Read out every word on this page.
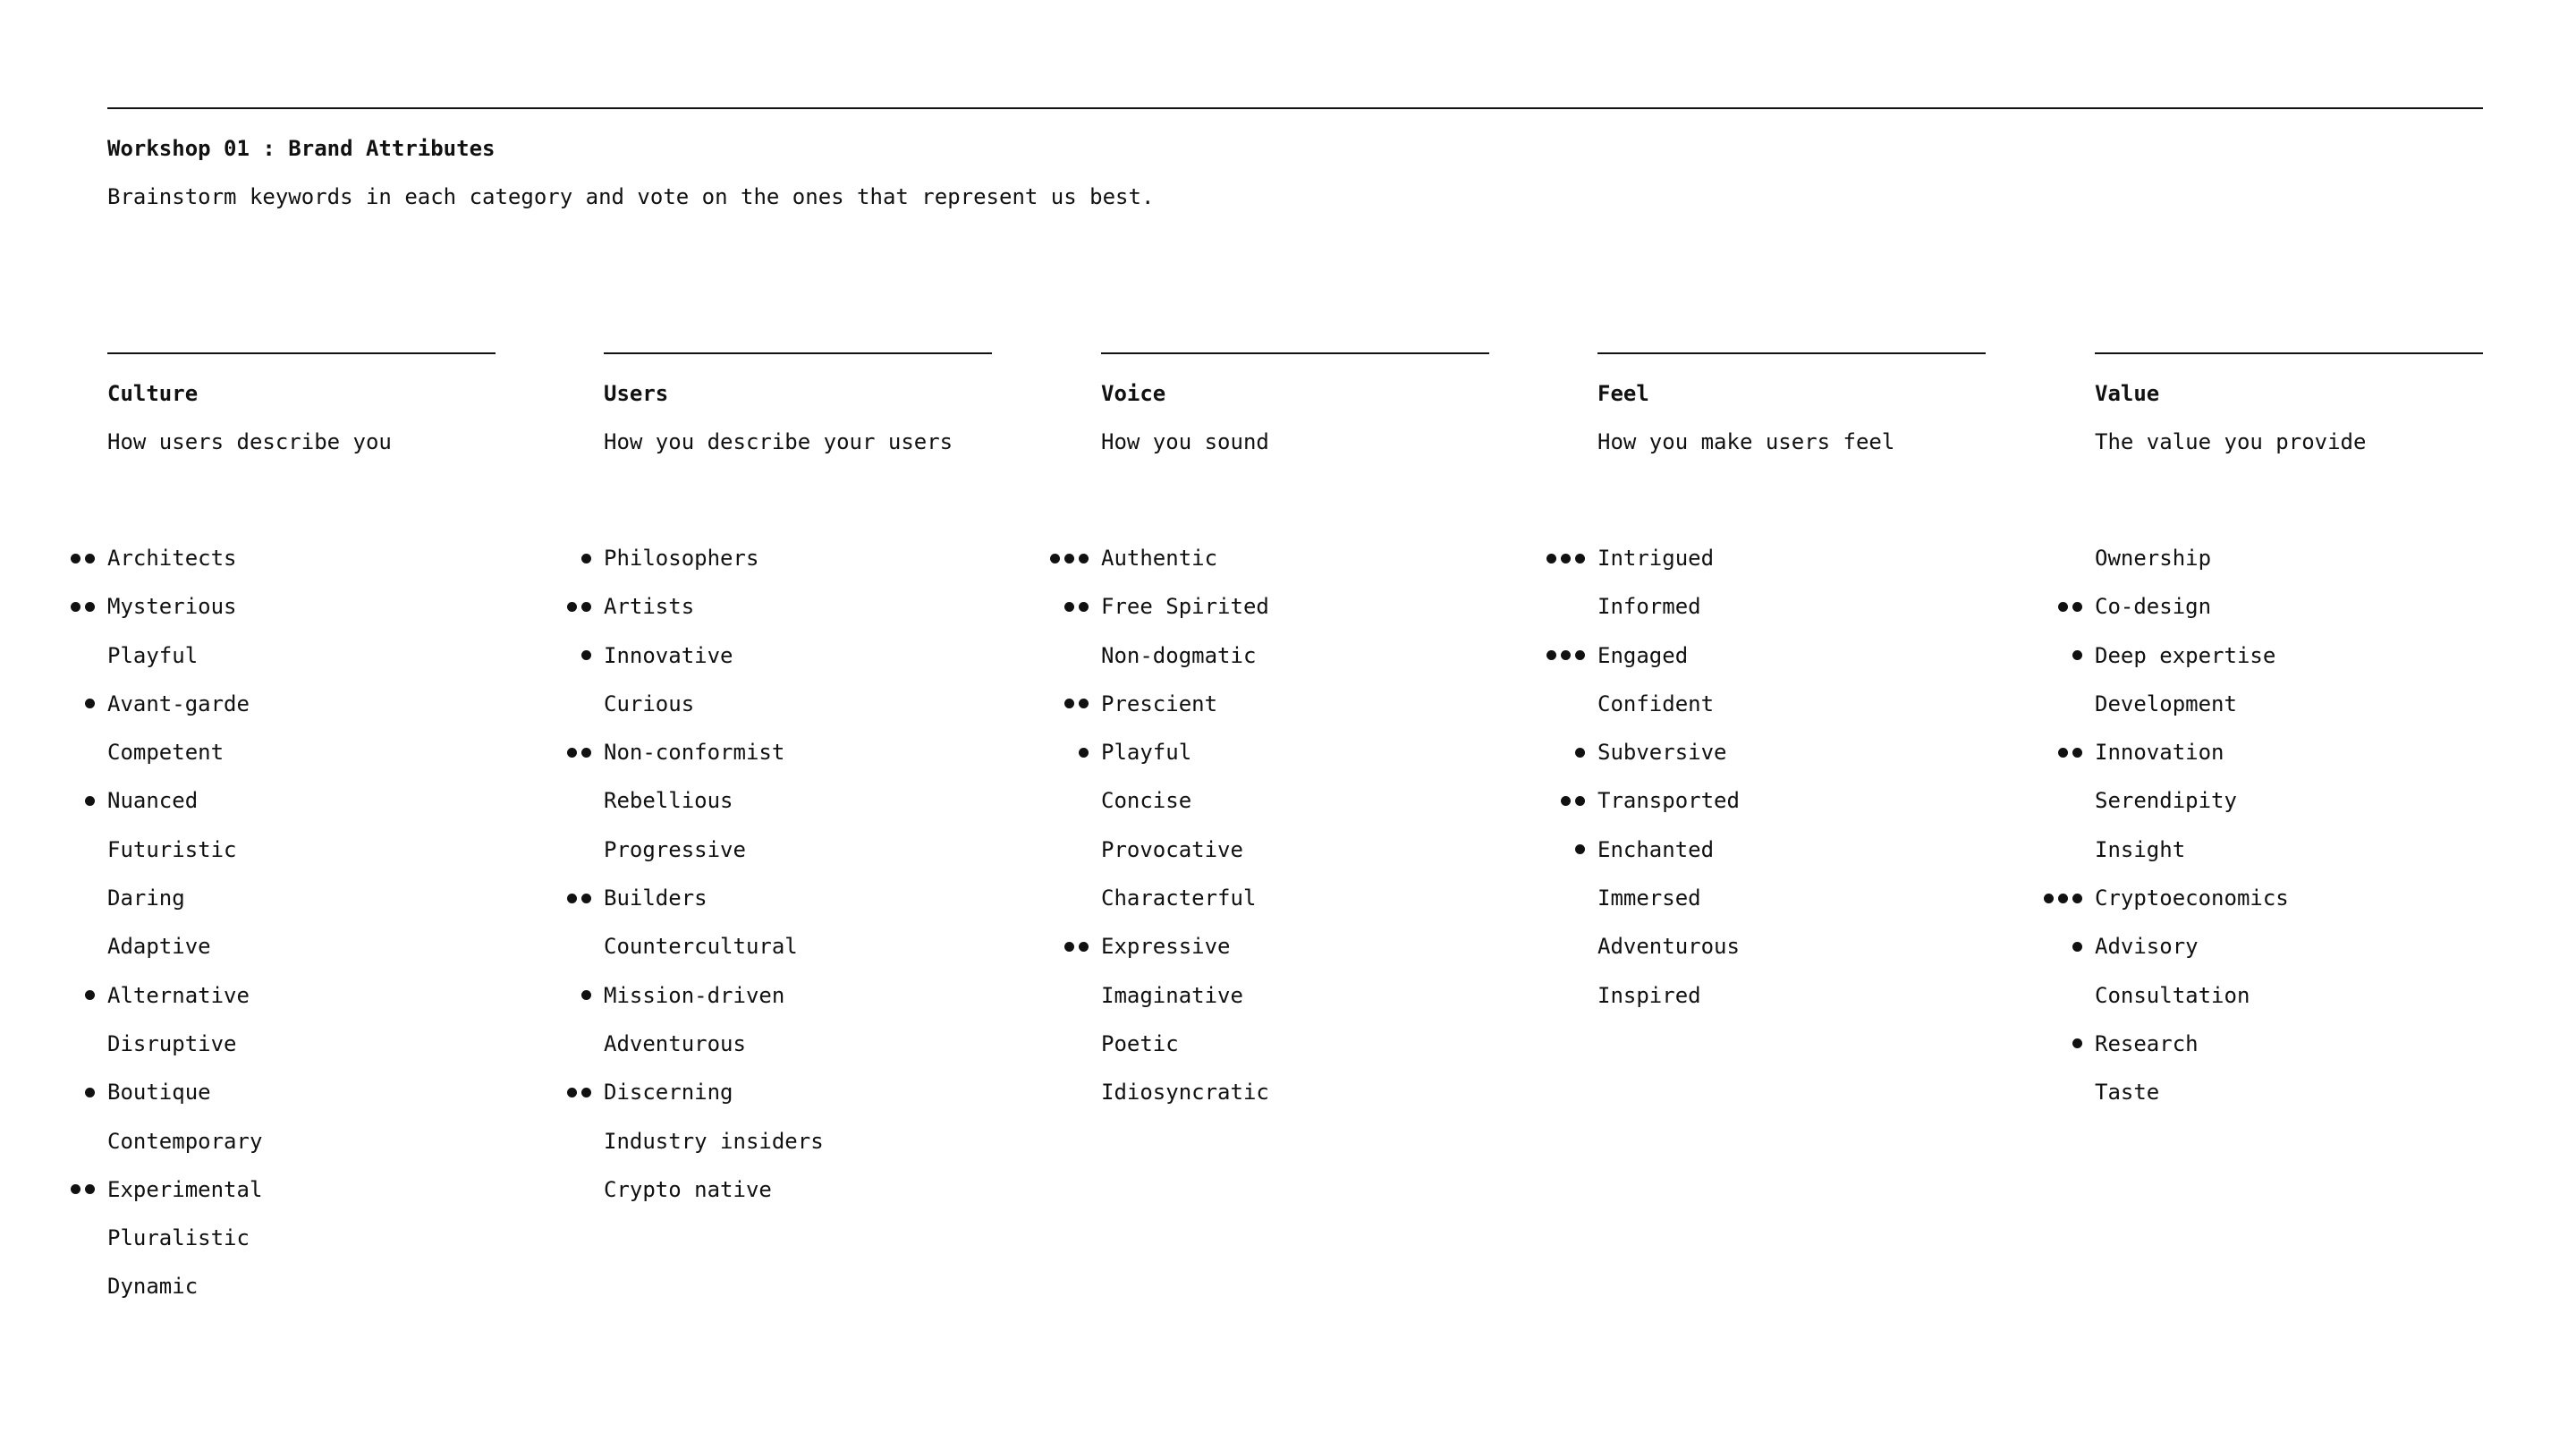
Workshop 01 : Brand Attributes
Brainstorm keywords in each category and vote on the ones that represent us best.
Culture
How users describe you
Architects
Mysterious
Playful
Avant-garde
Competent
Nuanced
Futuristic
Daring
Adaptive
Alternative
Disruptive
Boutique
Contemporary
Experimental
Pluralistic
Dynamic
Users
How you describe your users
Philosophers
Artists
Innovative
Curious
Non-conformist
Rebellious
Progressive
Builders
Countercultural
Mission-driven
Adventurous
Discerning
Industry insiders
Crypto native
Voice
How you sound
Authentic
Free Spirited
Non-dogmatic
Prescient
Playful
Concise
Provocative
Characterful
Expressive
Imaginative
Poetic
Idiosyncratic
Feel
How you make users feel
Intrigued
Informed
Engaged
Confident
Subversive
Transported
Enchanted
Immersed
Adventurous
Inspired
Value
The value you provide
Ownership
Co-design
Deep expertise
Development
Innovation
Serendipity
Insight
Cryptoeconomics
Advisory
Consultation
Research
Taste
